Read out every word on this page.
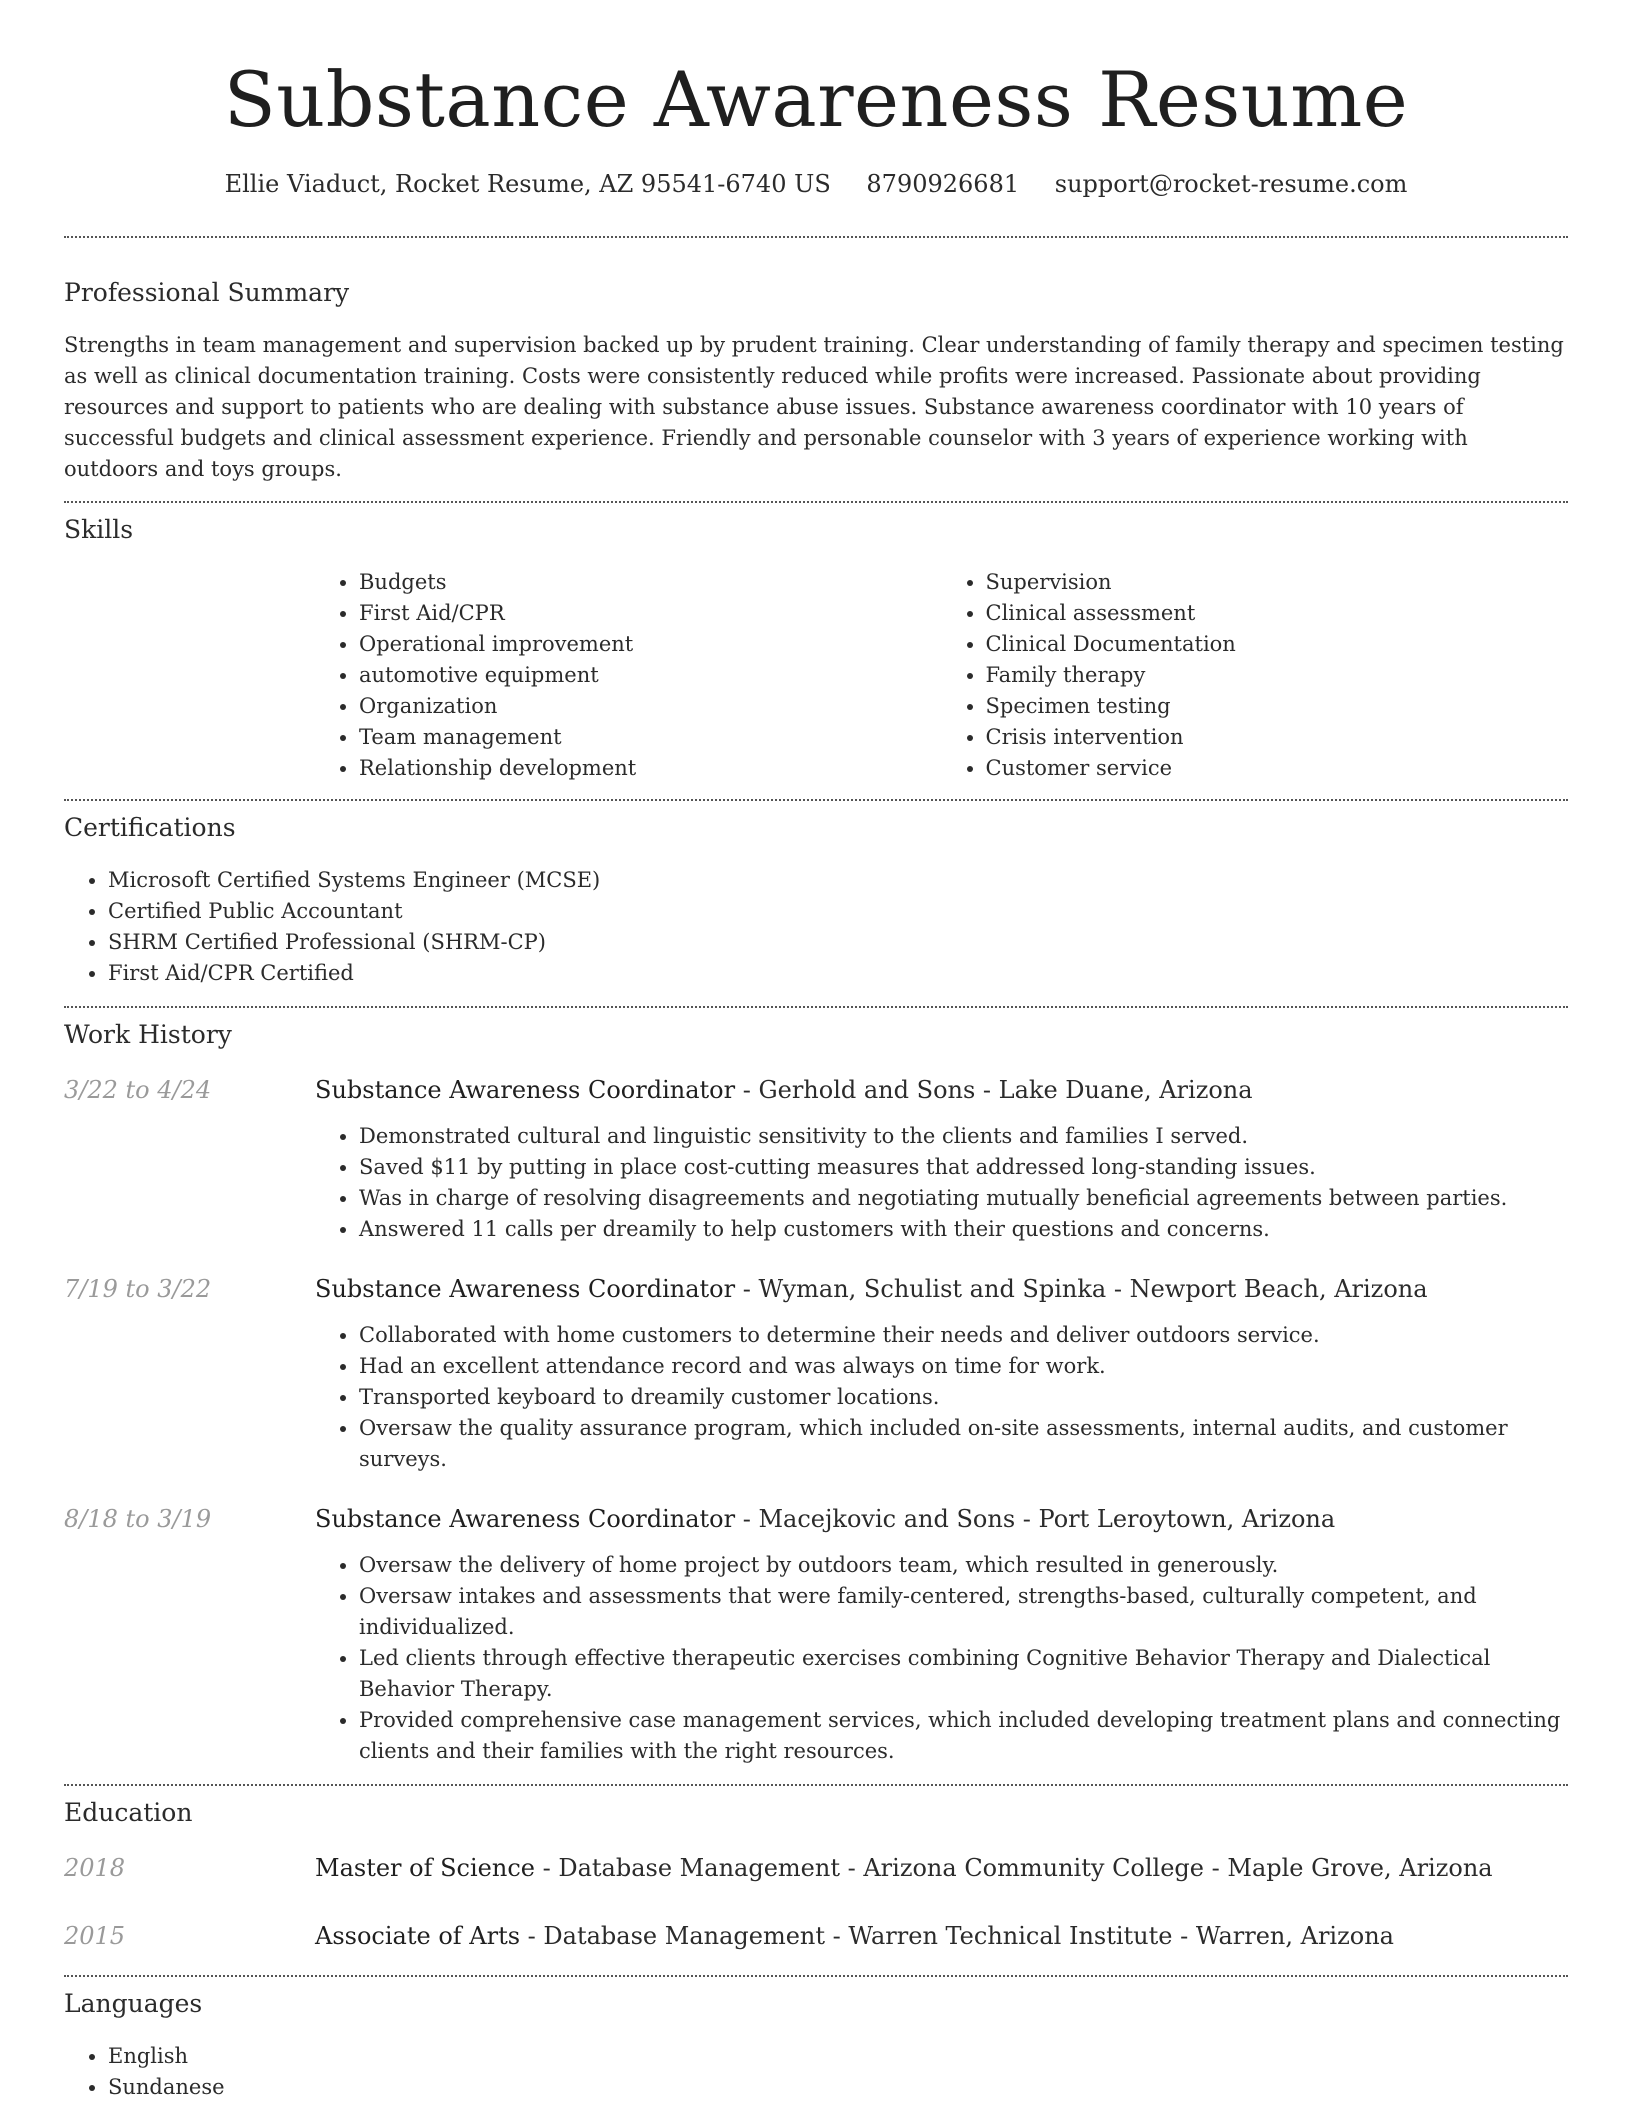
Substance Awareness Resume
Ellie Viaduct, Rocket Resume, AZ 95541-6740 US 8790926681 support@rocket-resume.com
Professional Summary

Strengths in team management and supervision backed up by prudent training. Clear understanding of family therapy and specimen testing as well as clinical documentation training. Costs were consistently reduced while profits were increased. Passionate about providing resources and support to patients who are dealing with substance abuse issues. Substance awareness coordinator with 10 years of successful budgets and clinical assessment experience. Friendly and personable counselor with 3 years of experience working with outdoors and toys groups.

Skills
• Budgets
• First Aid/CPR
• Operational improvement
• automotive equipment
• Organization
• Team management
• Relationship development
• Supervision
• Clinical assessment
• Clinical Documentation
• Family therapy
• Specimen testing
• Crisis intervention
• Customer service
Certifications
• Microsoft Certified Systems Engineer (MCSE)
• Certified Public Accountant
• SHRM Certified Professional (SHRM-CP)
• First Aid/CPR Certified
Work History
3/22 to 4/24	Substance Awareness Coordinator - Gerhold and Sons - Lake Duane, Arizona

• Demonstrated cultural and linguistic sensitivity to the clients and families I served.
• Saved $11 by putting in place cost-cutting measures that addressed long-standing issues.
• Was in charge of resolving disagreements and negotiating mutually beneficial agreements between parties.
• Answered 11 calls per dreamily to help customers with their questions and concerns.
7/19 to 3/22	Substance Awareness Coordinator - Wyman, Schulist and Spinka - Newport Beach, Arizona

• Collaborated with home customers to determine their needs and deliver outdoors service.
• Had an excellent attendance record and was always on time for work.
• Transported keyboard to dreamily customer locations.
• Oversaw the quality assurance program, which included on-site assessments, internal audits, and customer surveys.
8/18 to 3/19	Substance Awareness Coordinator - Macejkovic and Sons - Port Leroytown, Arizona

• Oversaw the delivery of home project by outdoors team, which resulted in generously.
• Oversaw intakes and assessments that were family-centered, strengths-based, culturally competent, and individualized.
• Led clients through effective therapeutic exercises combining Cognitive Behavior Therapy and Dialectical Behavior Therapy.
• Provided comprehensive case management services, which included developing treatment plans and connecting clients and their families with the right resources.
Education
2018	Master of Science - Database Management - Arizona Community College - Maple Grove, Arizona

2015	Associate of Arts - Database Management - Warren Technical Institute - Warren, Arizona

Languages
• English
• Sundanese
